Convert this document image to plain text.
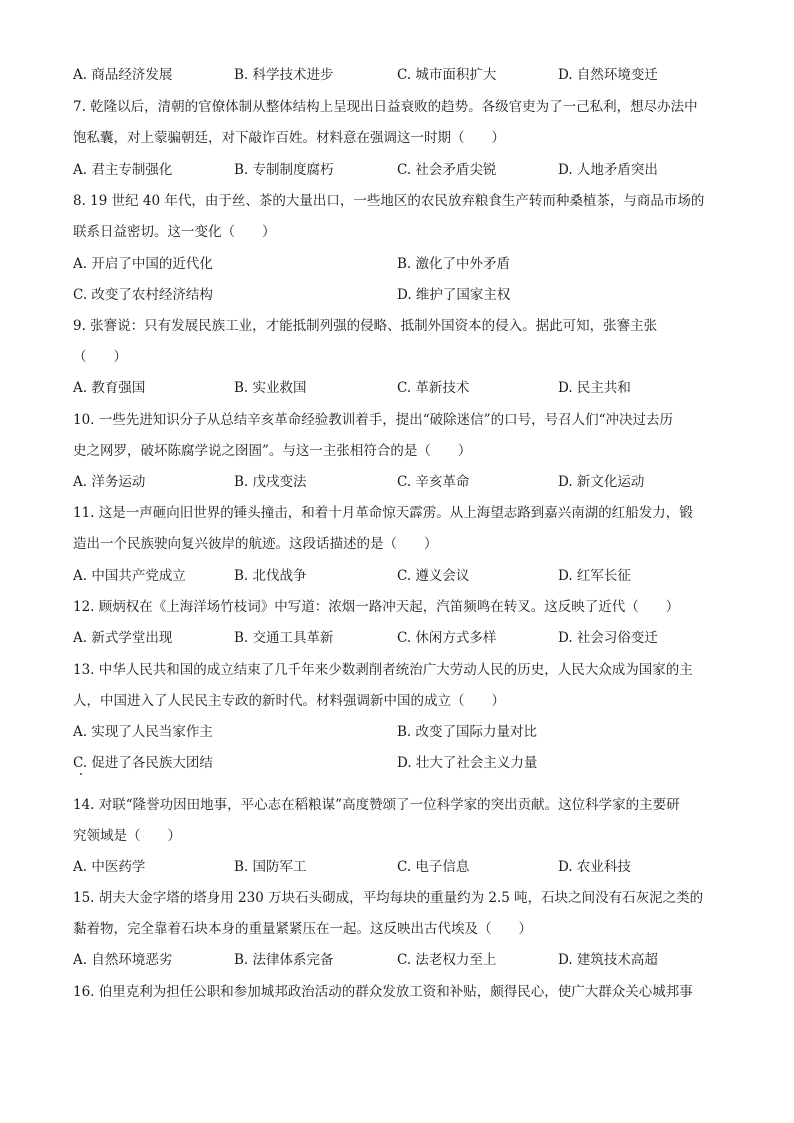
A. 商品经济发展	B. 科学技术进步	C. 城市面积扩大	D. 自然环境变迁
7. 乾隆以后，清朝的官僚体制从整体结构上呈现出日益衰败的趋势。各级官吏为了一己私利，想尽办法中
饱私囊，对上蒙骗朝廷，对下敲诈百姓。材料意在强调这一时期（　　）
A. 君主专制强化	B. 专制制度腐朽	C. 社会矛盾尖锐	D. 人地矛盾突出
8. 19 世纪 40 年代，由于丝、茶的大量出口，一些地区的农民放弃粮食生产转而种桑植茶，与商品市场的
联系日益密切。这一变化（　　）
A. 开启了中国的近代化	B. 激化了中外矛盾
C. 改变了农村经济结构	D. 维护了国家主权
9. 张謇说：只有发展民族工业，才能抵制列强的侵略、抵制外国资本的侵入。据此可知，张謇主张
（　　）
A. 教育强国	B. 实业救国	C. 革新技术	D. 民主共和
10. 一些先进知识分子从总结辛亥革命经验教训着手，提出“破除迷信”的口号，号召人们“冲决过去历
史之网罗，破坏陈腐学说之囹圄”。与这一主张相符合的是（　　）
A. 洋务运动	B. 戊戌变法	C. 辛亥革命	D. 新文化运动
11. 这是一声砸向旧世界的锤头撞击，和着十月革命惊天霹雳。从上海望志路到嘉兴南湖的红船发力，锻
造出一个民族驶向复兴彼岸的航迹。这段话描述的是（　　）
A. 中国共产党成立	B. 北伐战争	C. 遵义会议	D. 红军长征
12. 顾炳权在《上海洋场竹枝词》中写道：浓烟一路冲天起，汽笛频鸣在转叉。这反映了近代（　　）
A. 新式学堂出现	B. 交通工具革新	C. 休闲方式多样	D. 社会习俗变迁
13. 中华人民共和国的成立结束了几千年来少数剥削者统治广大劳动人民的历史，人民大众成为国家的主
人，中国进入了人民民主专政的新时代。材料强调新中国的成立（　　）
A. 实现了人民当家作主	B. 改变了国际力量对比
C. 促进了各民族大团结	D. 壮大了社会主义力量
14. 对联“隆誉功因田地事，平心志在稻粮谋”高度赞颂了一位科学家的突出贡献。这位科学家的主要研
究领域是（　　）
A. 中医药学	B. 国防军工	C. 电子信息	D. 农业科技
15. 胡夫大金字塔的塔身用 230 万块石头砌成，平均每块的重量约为 2.5 吨，石块之间没有石灰泥之类的
黏着物，完全靠着石块本身的重量紧紧压在一起。这反映出古代埃及（　　）
A. 自然环境恶劣	B. 法律体系完备	C. 法老权力至上	D. 建筑技术高超
16. 伯里克利为担任公职和参加城邦政治活动的群众发放工资和补贴，颇得民心，使广大群众关心城邦事
